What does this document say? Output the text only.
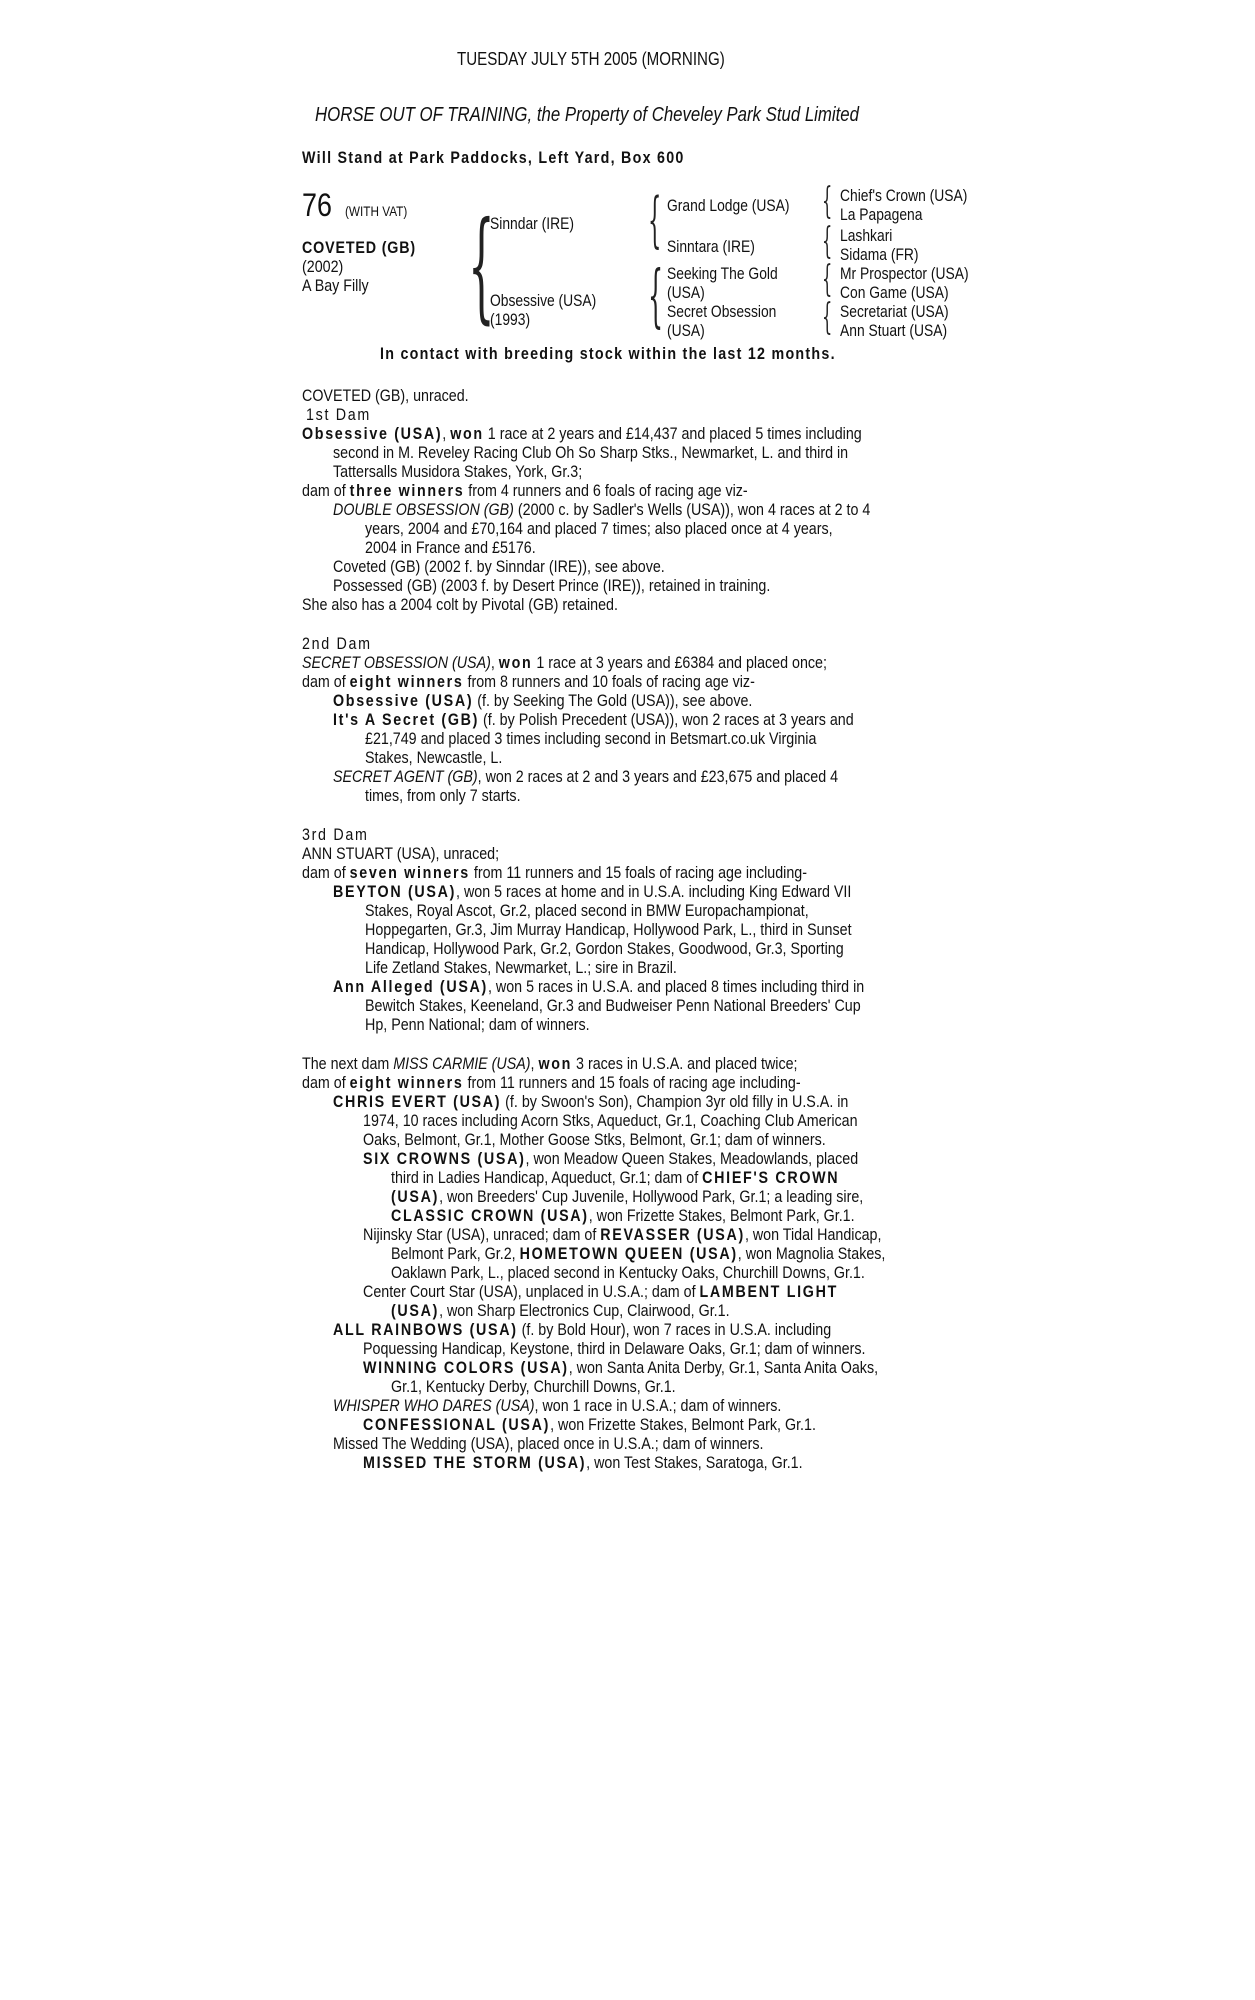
TUESDAY JULY 5TH 2005 (MORNING)
HORSE OUT OF TRAINING, the Property of Cheveley Park Stud Limited
Will Stand at Park Paddocks, Left Yard, Box 600
76 (WITH VAT)
COVETED (GB)
(2002)
A Bay Filly {
Sinndar (IRE)
Obsessive (USA)
(1993)
{ Grand Lodge (USA)
Sinntara (IRE)
{ Seeking The Gold
(USA)
Secret Obsession
(USA)
{ Chief's Crown (USA)
La Papagena
{ Lashkari
Sidama (FR)
{ Mr Prospector (USA)
Con Game (USA)
{ Secretariat (USA)
Ann Stuart (USA)
In contact with breeding stock within the last 12 months.
COVETED (GB), unraced.
1st Dam
Obsessive (USA), won 1 race at 2 years and £14,437 and placed 5 times including
second in M. Reveley Racing Club Oh So Sharp Stks., Newmarket, L. and third in
Tattersalls Musidora Stakes, York, Gr.3;
dam of three winners from 4 runners and 6 foals of racing age viz-
DOUBLE OBSESSION (GB) (2000 c. by Sadler's Wells (USA)), won 4 races at 2 to 4
years, 2004 and £70,164 and placed 7 times; also placed once at 4 years,
2004 in France and £5176.
Coveted (GB) (2002 f. by Sinndar (IRE)), see above.
Possessed (GB) (2003 f. by Desert Prince (IRE)), retained in training.
She also has a 2004 colt by Pivotal (GB) retained.
2nd Dam
SECRET OBSESSION (USA), won 1 race at 3 years and £6384 and placed once;
dam of eight winners from 8 runners and 10 foals of racing age viz-
Obsessive (USA) (f. by Seeking The Gold (USA)), see above.
It's A Secret (GB) (f. by Polish Precedent (USA)), won 2 races at 3 years and
£21,749 and placed 3 times including second in Betsmart.co.uk Virginia
Stakes, Newcastle, L.
SECRET AGENT (GB), won 2 races at 2 and 3 years and £23,675 and placed 4
times, from only 7 starts.
3rd Dam
ANN STUART (USA), unraced;
dam of seven winners from 11 runners and 15 foals of racing age including-
BEYTON (USA), won 5 races at home and in U.S.A. including King Edward VII
Stakes, Royal Ascot, Gr.2, placed second in BMW Europachampionat,
Hoppegarten, Gr.3, Jim Murray Handicap, Hollywood Park, L., third in Sunset
Handicap, Hollywood Park, Gr.2, Gordon Stakes, Goodwood, Gr.3, Sporting
Life Zetland Stakes, Newmarket, L.; sire in Brazil.
Ann Alleged (USA), won 5 races in U.S.A. and placed 8 times including third in
Bewitch Stakes, Keeneland, Gr.3 and Budweiser Penn National Breeders' Cup
Hp, Penn National; dam of winners.
The next dam MISS CARMIE (USA), won 3 races in U.S.A. and placed twice;
dam of eight winners from 11 runners and 15 foals of racing age including-
CHRIS EVERT (USA) (f. by Swoon's Son), Champion 3yr old filly in U.S.A. in
1974, 10 races including Acorn Stks, Aqueduct, Gr.1, Coaching Club American
Oaks, Belmont, Gr.1, Mother Goose Stks, Belmont, Gr.1; dam of winners.
SIX CROWNS (USA), won Meadow Queen Stakes, Meadowlands, placed
third in Ladies Handicap, Aqueduct, Gr.1; dam of CHIEF'S CROWN
(USA), won Breeders' Cup Juvenile, Hollywood Park, Gr.1; a leading sire,
CLASSIC CROWN (USA), won Frizette Stakes, Belmont Park, Gr.1.
Nijinsky Star (USA), unraced; dam of REVASSER (USA), won Tidal Handicap,
Belmont Park, Gr.2, HOMETOWN QUEEN (USA), won Magnolia Stakes,
Oaklawn Park, L., placed second in Kentucky Oaks, Churchill Downs, Gr.1.
Center Court Star (USA), unplaced in U.S.A.; dam of LAMBENT LIGHT
(USA), won Sharp Electronics Cup, Clairwood, Gr.1.
ALL RAINBOWS (USA) (f. by Bold Hour), won 7 races in U.S.A. including
Poquessing Handicap, Keystone, third in Delaware Oaks, Gr.1; dam of winners.
WINNING COLORS (USA), won Santa Anita Derby, Gr.1, Santa Anita Oaks,
Gr.1, Kentucky Derby, Churchill Downs, Gr.1.
WHISPER WHO DARES (USA), won 1 race in U.S.A.; dam of winners.
CONFESSIONAL (USA), won Frizette Stakes, Belmont Park, Gr.1.
Missed The Wedding (USA), placed once in U.S.A.; dam of winners.
MISSED THE STORM (USA), won Test Stakes, Saratoga, Gr.1.
